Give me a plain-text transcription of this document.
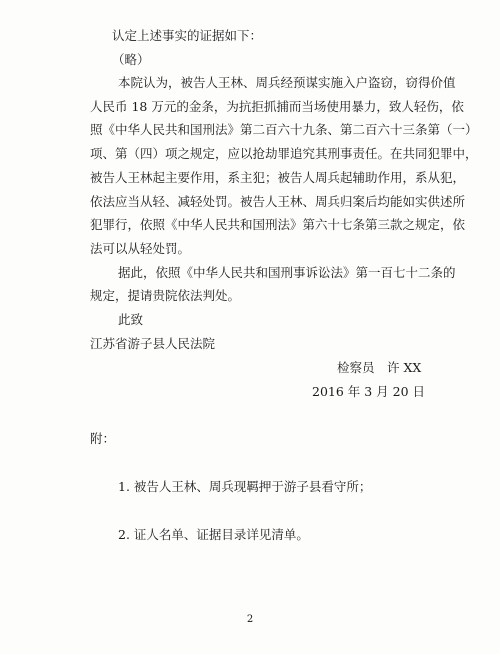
认定上述事实的证据如下：
（略）
本院认为，被告人王林、周兵经预谋实施入户盗窃，窃得价值
人民币 18 万元的金条，为抗拒抓捕而当场使用暴力，致人轻伤，依
照《中华人民共和国刑法》第二百六十九条、第二百六十三条第（一）
项、第（四）项之规定，应以抢劫罪追究其刑事责任。在共同犯罪中，
被告人王林起主要作用，系主犯；被告人周兵起辅助作用，系从犯，
依法应当从轻、减轻处罚。被告人王林、周兵归案后均能如实供述所
犯罪行，依照《中华人民共和国刑法》第六十七条第三款之规定，依
法可以从轻处罚。
据此，依照《中华人民共和国刑事诉讼法》第一百七十二条的
规定，提请贵院依法判处。
此致
江苏省游子县人民法院
检察员　许 XX
2016 年 3 月 20 日
附：
1. 被告人王林、周兵现羁押于游子县看守所；
2. 证人名单、证据目录详见清单。
2
